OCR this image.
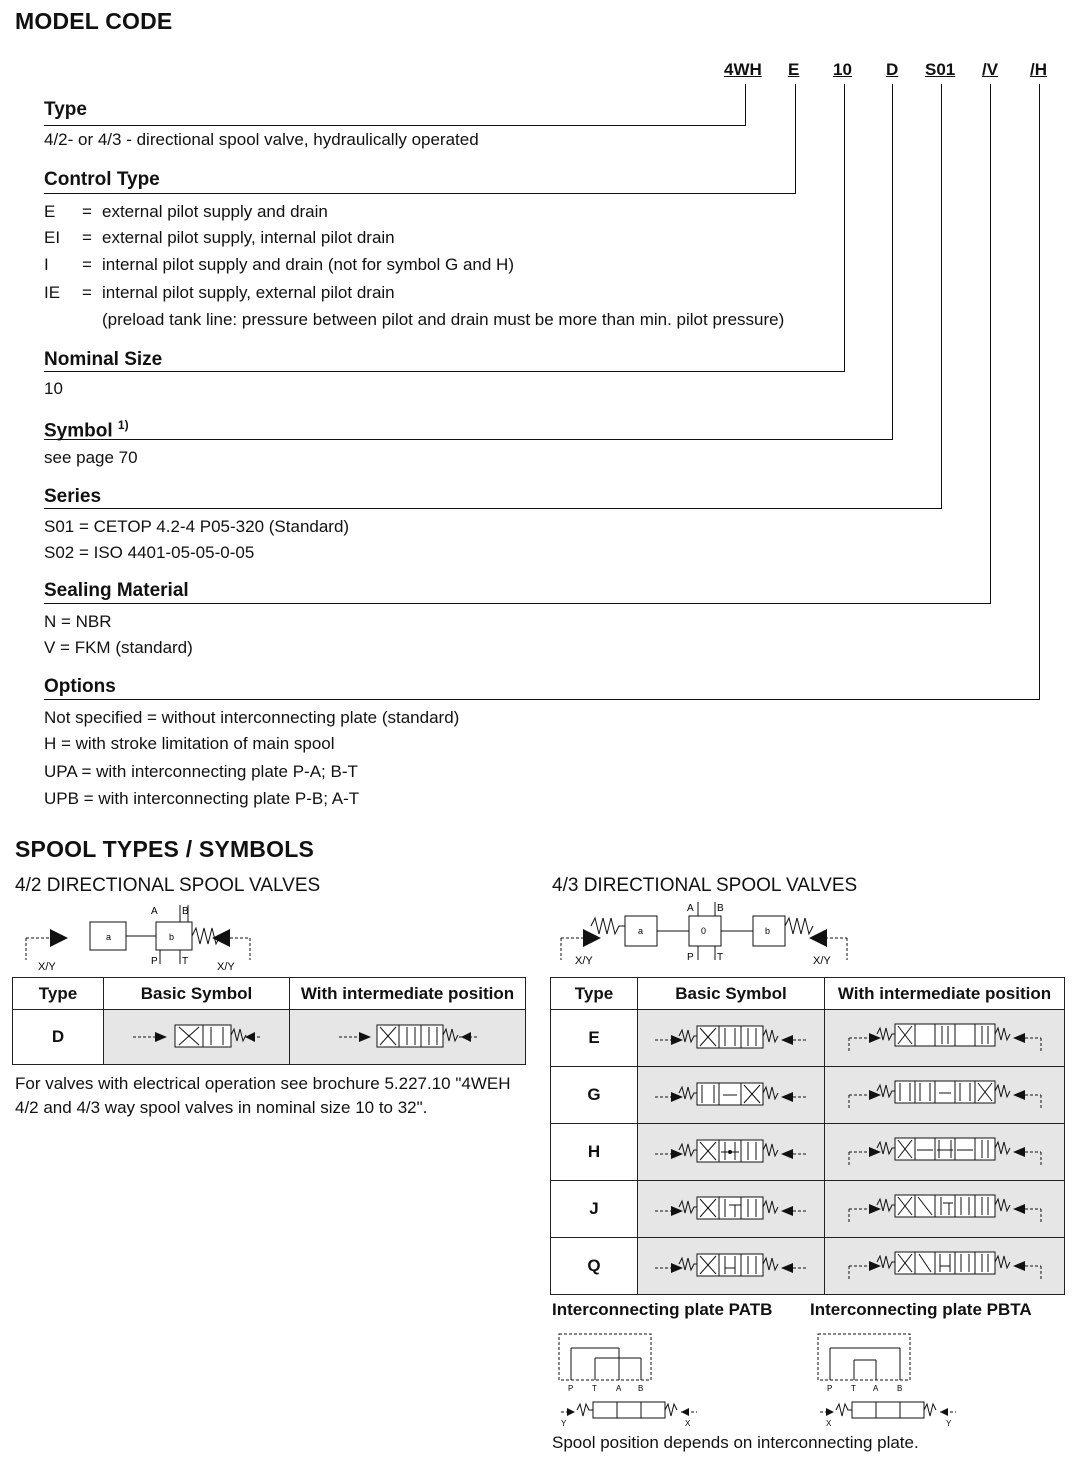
MODEL CODE
4WH E 10 D S01 /V /H
Type
4/2- or 4/3 - directional spool valve, hydraulically operated
Control Type
E = external pilot supply and drain
EI = external pilot supply, internal pilot drain
I = internal pilot supply and drain (not for symbol G and H)
IE = internal pilot supply, external pilot drain
(preload tank line: pressure between pilot and drain must be more than min. pilot pressure)
Nominal Size
10
Symbol $^{1)}$
see page 70
Series
S01 = CETOP 4.2-4 P05-320 (Standard)
S02 = ISO 4401-05-05-0-05
Sealing Material
N = NBR
V = FKM (standard)
Options
Not specified = without interconnecting plate (standard)
H = with stroke limitation of main spool
UPA = with interconnecting plate P-A; B-T
UPB = with interconnecting plate P-B; A-T
SPOOL TYPES / SYMBOLS
4/2 DIRECTIONAL SPOOL VALVES	4/3 DIRECTIONAL SPOOL VALVES
a	b
A B
P T
X/Y	X/Y
a	0	b
A B
P T
X/Y	X/Y
Type	Basic Symbol	With intermediate position
D		
For valves with electrical operation see brochure 5.227.10 "4WEH 4/2 and 4/3 way spool valves in nominal size 10 to 32".
Type	Basic Symbol	With intermediate position
E		
G		
H		
J		
Q		
Interconnecting plate PATB Interconnecting plate PBTA
P T A B
Y	X
P T A B
X	Y
Spool position depends on interconnecting plate.
